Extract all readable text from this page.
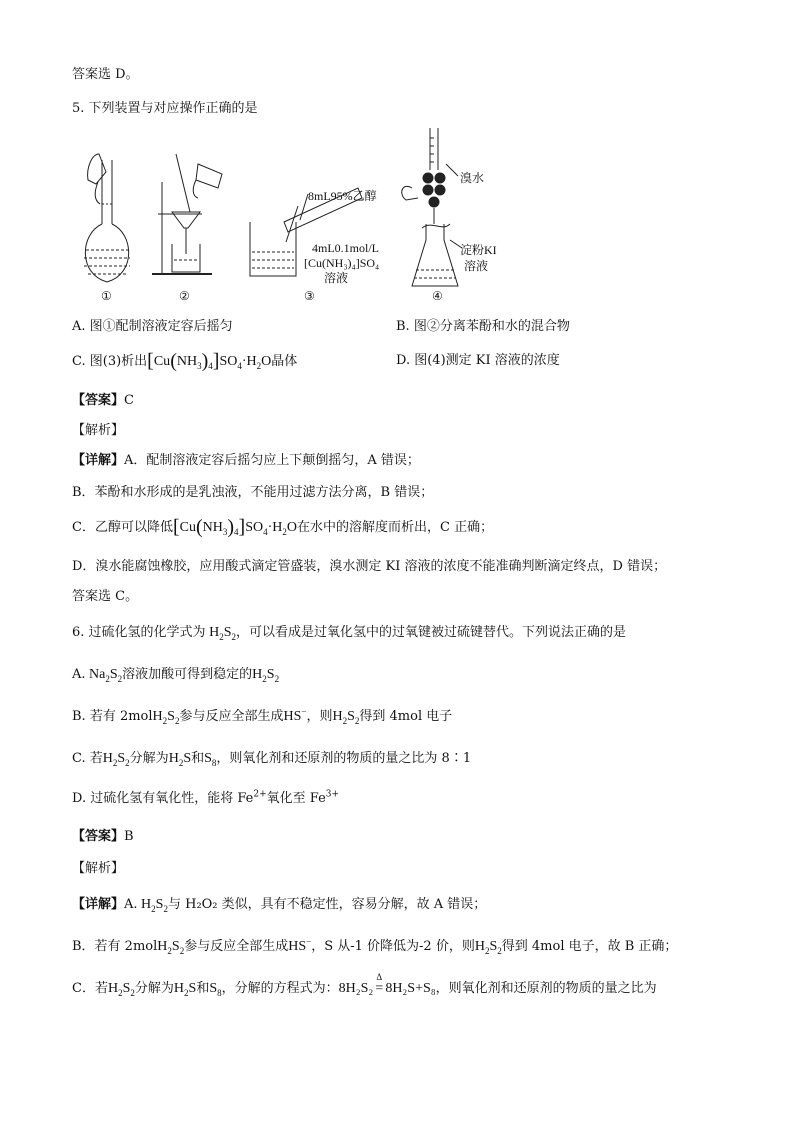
答案选 D。
5. 下列装置与对应操作正确的是
①	②
8mL95%乙醇
4mL0.1mol/L
[Cu(NH₃)₄]SO₄
溶液
③
溴水
淀粉KI
溶液
④
A. 图①配制溶液定容后摇匀	B. 图②分离苯酚和水的混合物
C. 图(3)析出$[Cu(NH_3)_4]SO_4\cdot H_2O$晶体	D. 图(4)测定 KI 溶液的浓度
【答案】C
【解析】
【详解】A．配制溶液定容后摇匀应上下颠倒摇匀，A 错误；
B．苯酚和水形成的是乳浊液，不能用过滤方法分离，B 错误；
C．乙醇可以降低$[Cu(NH_3)_4]SO_4\cdot H_2O$在水中的溶解度而析出，C 正确；
D．溴水能腐蚀橡胶，应用酸式滴定管盛装，溴水测定 KI 溶液的浓度不能准确判断滴定终点，D 错误；
答案选 C。
6. 过硫化氢的化学式为 $H_2S_2$，可以看成是过氧化氢中的过氧键被过硫键替代。下列说法正确的是
A. $Na_2S_2$溶液加酸可得到稳定的$H_2S_2$
B. 若有 $2molH_2S_2$参与反应全部生成HS−，则$H_2S_2$得到 4mol 电子
C. 若$H_2S_2$分解为$H_2S$和$S_8$，则氧化剂和还原剂的物质的量之比为 8∶1
D. 过硫化氢有氧化性，能将 $Fe^{2+}$氧化至 $Fe^{3+}$
【答案】B
【解析】
【详解】A. $H_2S_2$与 H₂O₂ 类似，具有不稳定性，容易分解，故 A 错误；
B．若有 $2molH_2S_2$参与反应全部生成HS−，S 从-1 价降低为-2 价，则$H_2S_2$得到 4mol 电子，故 B 正确；
C．若$H_2S_2$分解为$H_2S$和$S_8$，分解的方程式为：8H₂S₂
Δ
= 8H₂S+S₈，则氧化剂和还原剂的物质的量之比为
